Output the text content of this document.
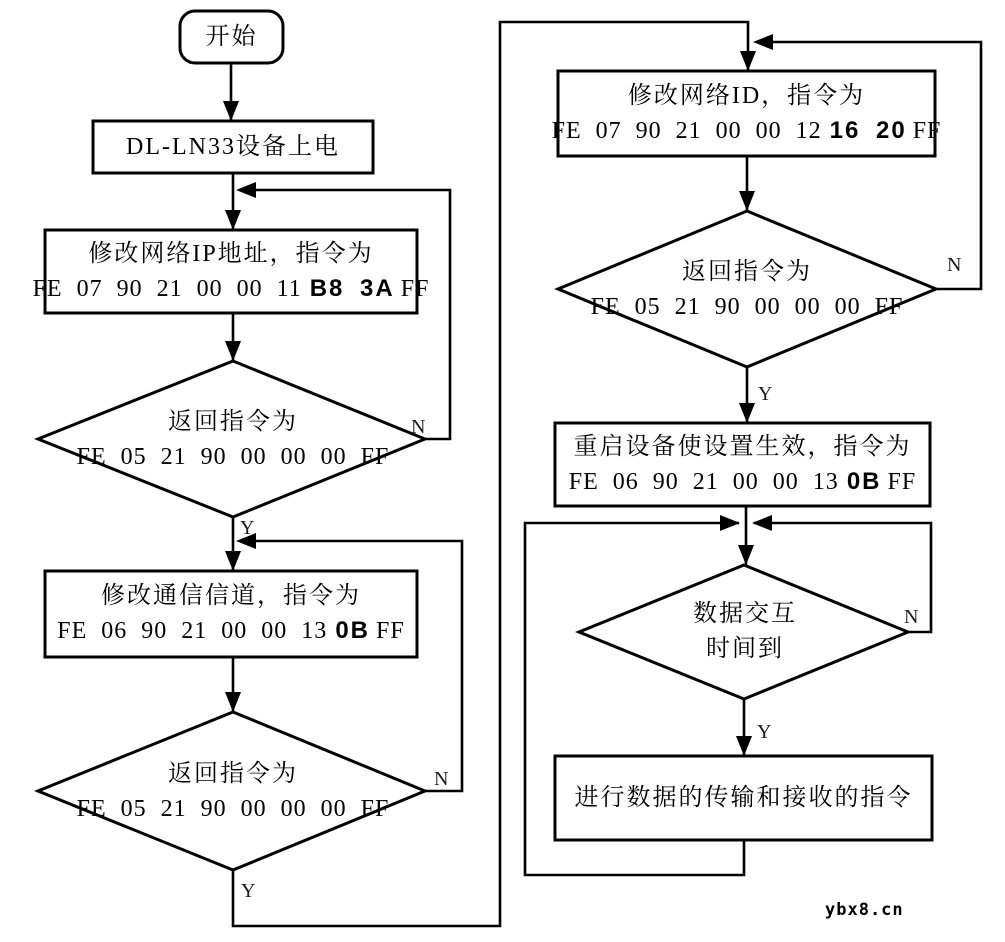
开始
DL-LN33设备上电
修改网络IP地址，指令为
FE 07 90 21 00 00 11 B8 3A FF
返回指令为
FE 05 21 90 00 00 00 FF
修改通信信道，指令为
FE 06 90 21 00 00 13 0B FF
返回指令为
FE 05 21 90 00 00 00 FF
修改网络ID，指令为
FE 07 90 21 00 00 12 16 20 FF
返回指令为
FE 05 21 90 00 00 00 FF
重启设备使设置生效，指令为
FE 06 90 21 00 00 13 0B FF
数据交互
时间到
进行数据的传输和接收的指令
Y
N
Y
N
Y
N
Y
N
ybx8.cn
